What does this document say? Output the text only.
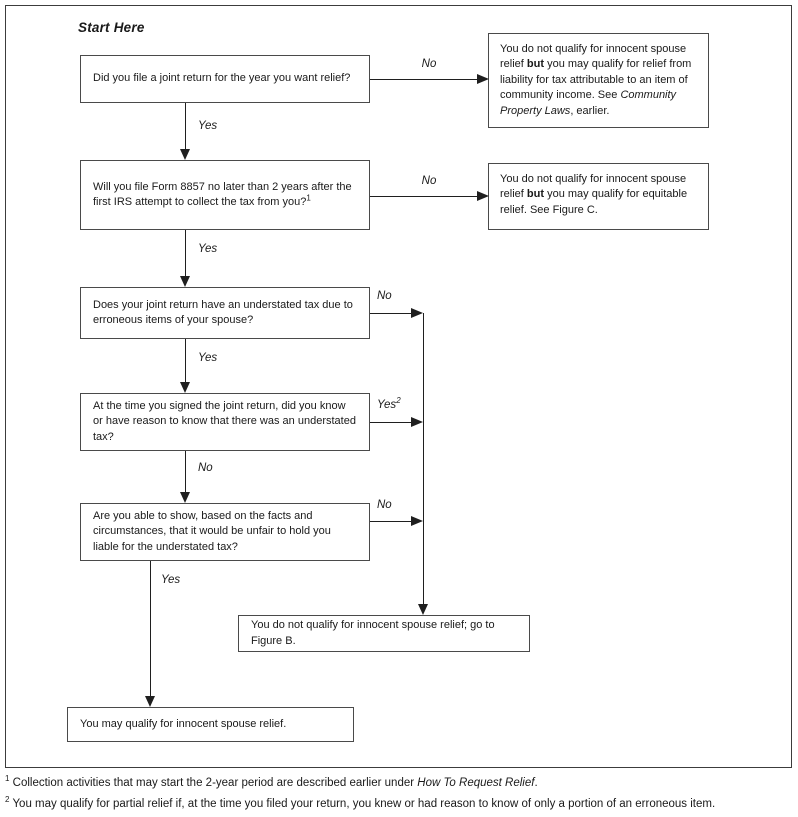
Start Here
Did you file a joint return for the year you want relief?
Will you file Form 8857 no later than 2 years after the first IRS attempt to collect the tax from you?$^1$
Does your joint return have an understated tax due to erroneous items of your spouse?
At the time you signed the joint return, did you know or have reason to know that there was an understated tax?
Are you able to show, based on the facts and circumstances, that it would be unfair to hold you liable for the understated tax?
You do not qualify for innocent spouse relief but you may qualify for relief from liability for tax attributable to an item of community income. See Community Property Laws, earlier.
You do not qualify for innocent spouse relief but you may qualify for equitable relief. See Figure C.
You do not qualify for innocent spouse relief; go to Figure B.
You may qualify for innocent spouse relief.
No
Yes
No
Yes
No
Yes
Yes$^2$
No
No
Yes
$^1$ Collection activities that may start the 2-year period are described earlier under How To Request Relief.
$^2$ You may qualify for partial relief if, at the time you filed your return, you knew or had reason to know of only a portion of an erroneous item.
